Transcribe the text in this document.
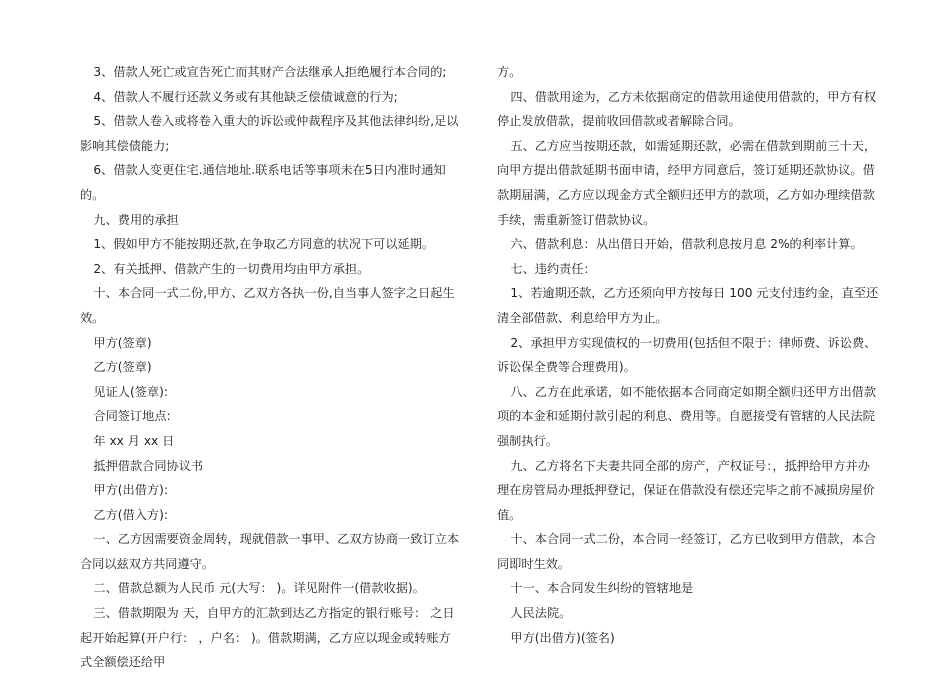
3、借款人死亡或宣告死亡而其财产合法继承人拒绝履行本合同的;

4、借款人不履行还款义务或有其他缺乏偿债诚意的行为;

5、借款人卷入或将卷入重大的诉讼或仲裁程序及其他法律纠纷,足以影响其偿债能力;

6、借款人变更住宅.通信地址.联系电话等事项未在5日内准时通知的。

九、费用的承担

1、假如甲方不能按期还款,在争取乙方同意的状况下可以延期。

2、有关抵押、借款产生的一切费用均由甲方承担。

十、本合同一式二份,甲方、乙双方各执一份,自当事人签字之日起生效。

甲方(签章)

乙方(签章)

见证人(签章):

合同签订地点:

年 xx 月 xx 日

抵押借款合同协议书

甲方(出借方):

乙方(借入方):

一、乙方因需要资金周转，现就借款一事甲、乙双方协商一致订立本合同以兹双方共同遵守。

二、借款总额为人民币 元(大写： )。详见附件一(借款收据)。

三、借款期限为 天，自甲方的汇款到达乙方指定的银行账号： 之日起开始起算(开户行： ，户名： )。借款期满，乙方应以现金或转账方式全额偿还给甲

方。

四、借款用途为，乙方未依据商定的借款用途使用借款的，甲方有权停止发放借款，提前收回借款或者解除合同。

五、乙方应当按期还款，如需延期还款，必需在借款到期前三十天，向甲方提出借款延期书面申请，经甲方同意后，签订延期还款协议。借款期届满，乙方应以现金方式全额归还甲方的款项，乙方如办理续借款手续，需重新签订借款协议。

六、借款利息：从出借日开始，借款利息按月息 2%的利率计算。

七、违约责任：

1、若逾期还款，乙方还须向甲方按每日 100 元支付违约金，直至还清全部借款、利息给甲方为止。

2、承担甲方实现债权的一切费用(包括但不限于：律师费、诉讼费、诉讼保全费等合理费用)。

八、乙方在此承诺，如不能依据本合同商定如期全额归还甲方出借款项的本金和延期付款引起的利息、费用等。自愿接受有管辖的人民法院强制执行。

九、乙方将名下夫妻共同全部的房产，产权证号：，抵押给甲方并办理在房管局办理抵押登记，保证在借款没有偿还完毕之前不减损房屋价值。

十、本合同一式二份，本合同一经签订，乙方已收到甲方借款，本合同即时生效。

十一、本合同发生纠纷的管辖地是

人民法院。

甲方(出借方)(签名)
